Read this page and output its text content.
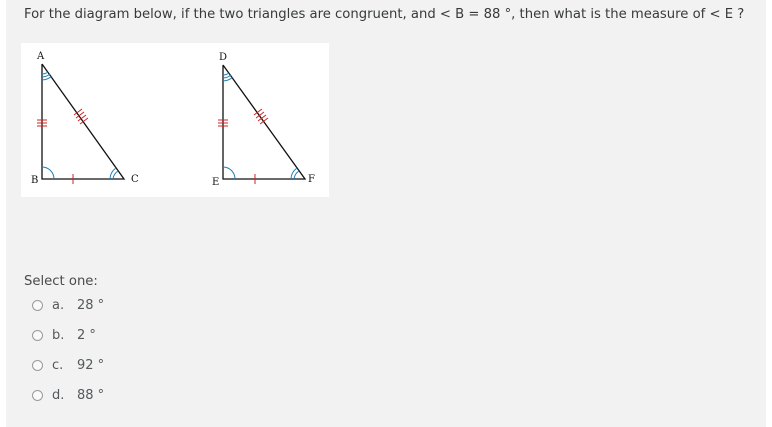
For the diagram below, if the two triangles are congruent, and < B = 88 °, then what is the measure of < E ?
A
B	C
D
E	F
Select one:
a. 28 °
b. 2 °
c.	92 °
d. 88 °
